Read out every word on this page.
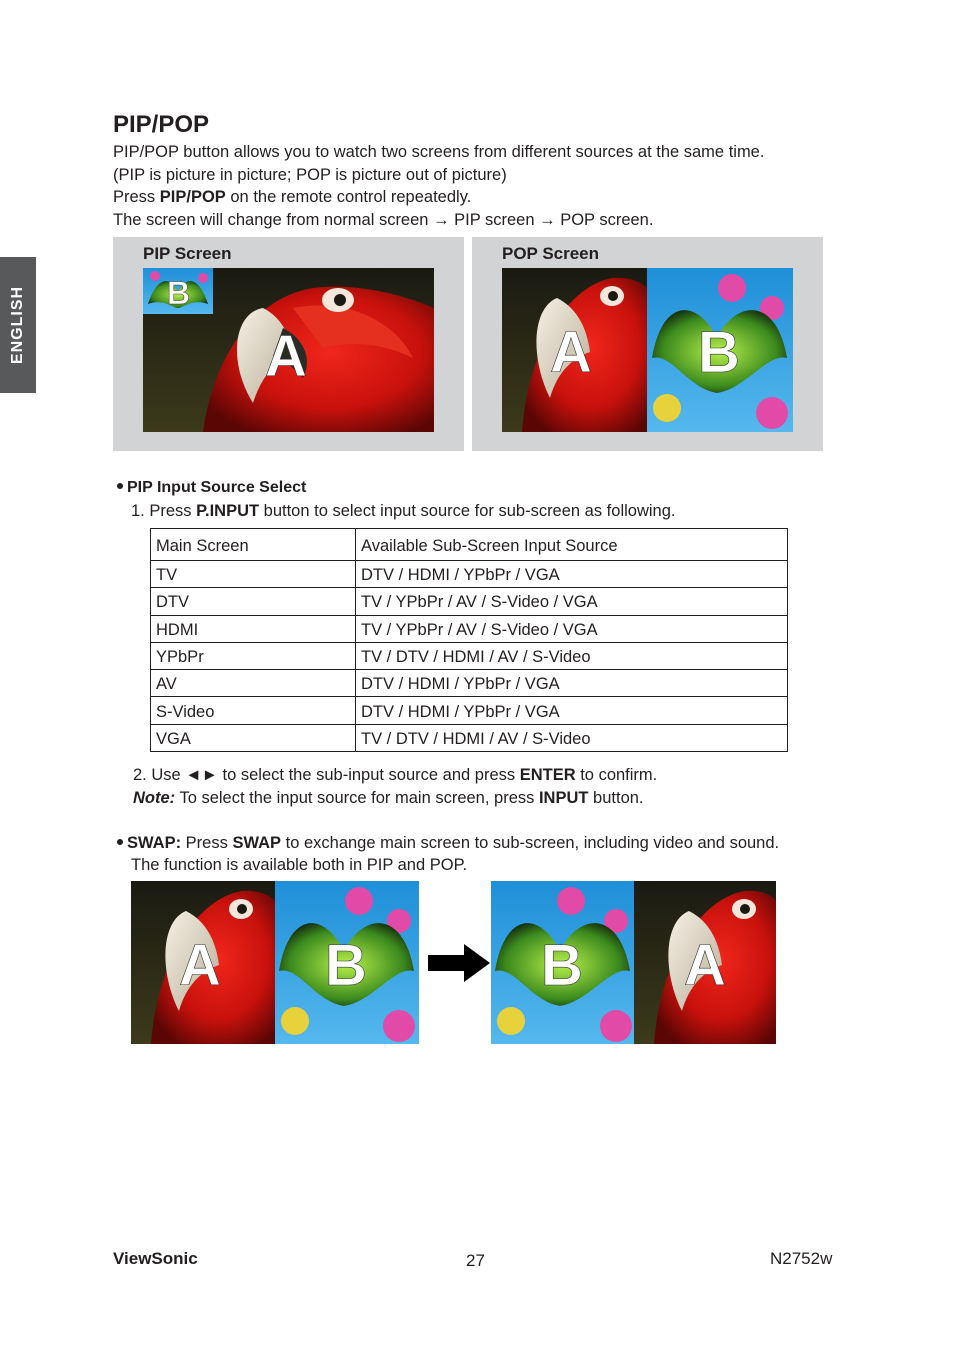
ENGLISH
PIP/POP
PIP/POP button allows you to watch two screens from different sources at the same time.
(PIP is picture in picture; POP is picture out of picture)
Press PIP/POP on the remote control repeatedly.
The screen will change from normal screen → PIP screen → POP screen.
PIP Screen	POP Screen
B
A	A B
PIP Input Source Select
1. Press P.INPUT button to select input source for sub-screen as following.
Main Screen	Available Sub-Screen Input Source
TV	DTV / HDMI / YPbPr / VGA
DTV	TV / YPbPr / AV / S-Video / VGA
HDMI	TV / YPbPr / AV / S-Video / VGA
YPbPr	TV / DTV / HDMI / AV / S-Video
AV	DTV / HDMI / YPbPr / VGA
S-Video	DTV / HDMI / YPbPr / VGA
VGA	TV / DTV / HDMI / AV / S-Video
2. Use ◄► to select the sub-input source and press ENTER to confirm.
Note: To select the input source for main screen, press INPUT button.
SWAP: Press SWAP to exchange main screen to sub-screen, including video and sound.
The function is available both in PIP and POP.
A B	B A
ViewSonic	27	N2752w
